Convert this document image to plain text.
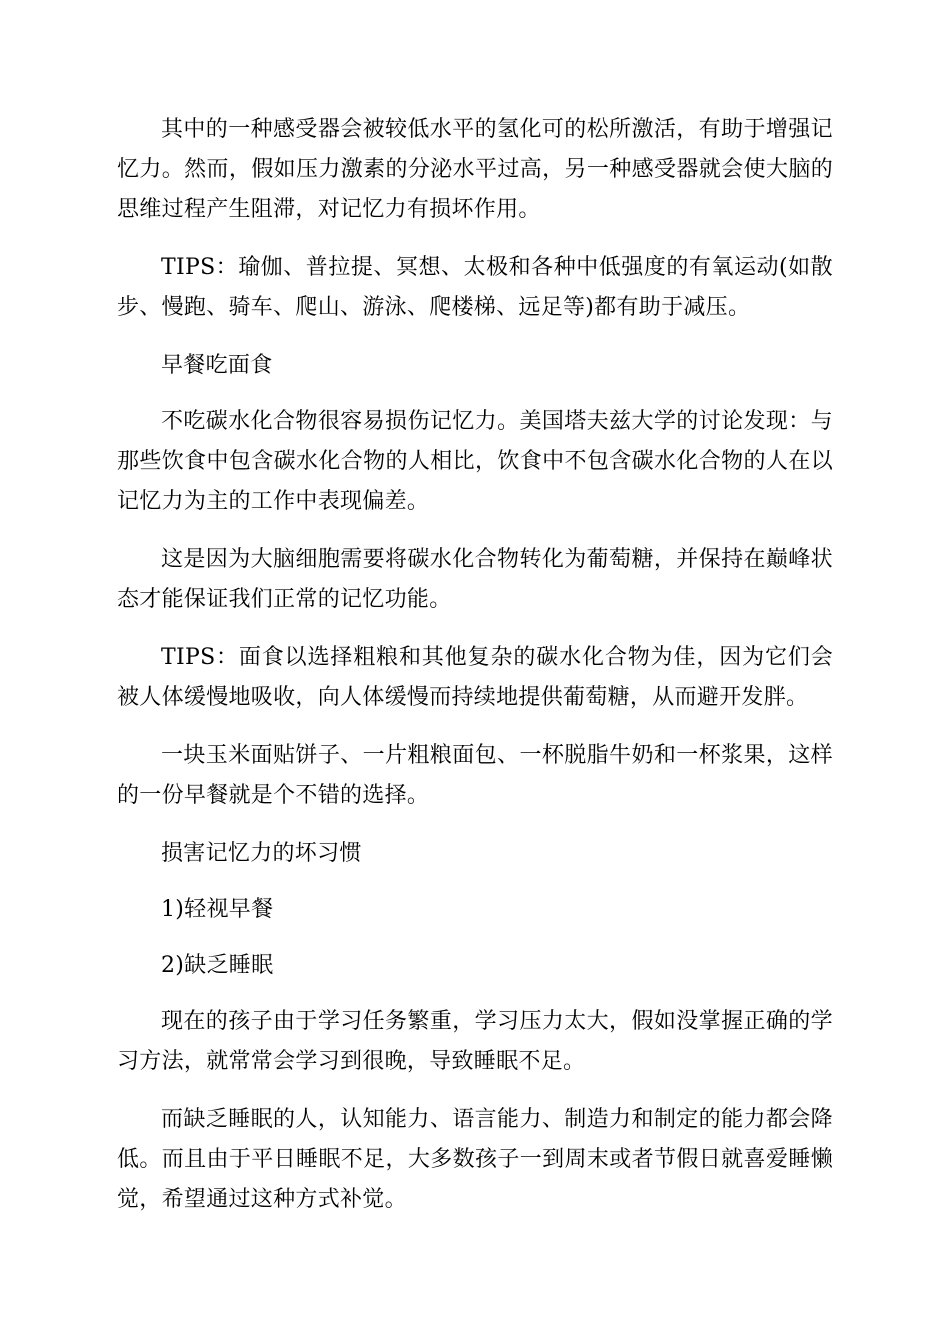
其中的一种感受器会被较低水平的氢化可的松所激活，有助于增强记忆力。然而，假如压力激素的分泌水平过高，另一种感受器就会使大脑的思维过程产生阻滞，对记忆力有损坏作用。

TIPS：瑜伽、普拉提、冥想、太极和各种中低强度的有氧运动(如散步、慢跑、骑车、爬山、游泳、爬楼梯、远足等)都有助于减压。

早餐吃面食

不吃碳水化合物很容易损伤记忆力。美国塔夫兹大学的讨论发现：与那些饮食中包含碳水化合物的人相比，饮食中不包含碳水化合物的人在以记忆力为主的工作中表现偏差。

这是因为大脑细胞需要将碳水化合物转化为葡萄糖，并保持在巅峰状态才能保证我们正常的记忆功能。

TIPS：面食以选择粗粮和其他复杂的碳水化合物为佳，因为它们会被人体缓慢地吸收，向人体缓慢而持续地提供葡萄糖，从而避开发胖。

一块玉米面贴饼子、一片粗粮面包、一杯脱脂牛奶和一杯浆果，这样的一份早餐就是个不错的选择。

损害记忆力的坏习惯

1)轻视早餐

2)缺乏睡眠

现在的孩子由于学习任务繁重，学习压力太大，假如没掌握正确的学习方法，就常常会学习到很晚，导致睡眠不足。

而缺乏睡眠的人，认知能力、语言能力、制造力和制定的能力都会降低。而且由于平日睡眠不足，大多数孩子一到周末或者节假日就喜爱睡懒觉，希望通过这种方式补觉。
